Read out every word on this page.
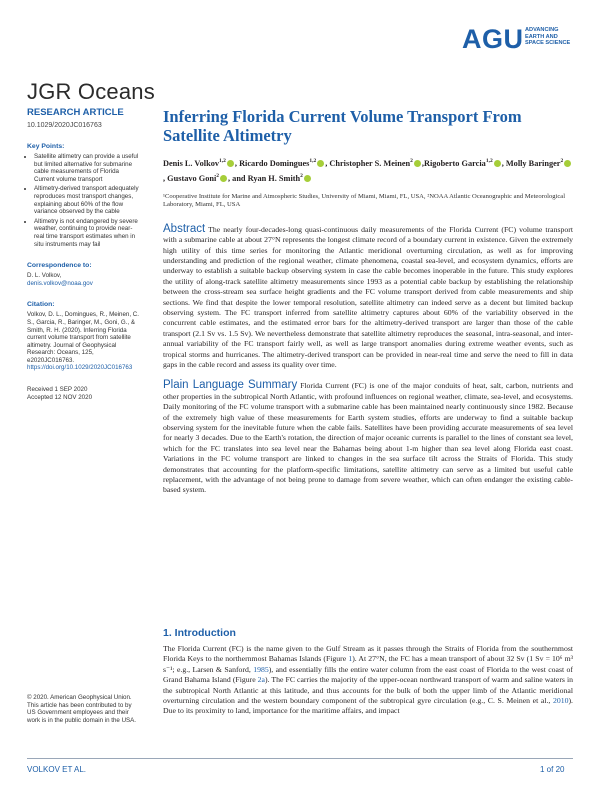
AGU ADVANCING
EARTH AND
SPACE SCIENCE
JGR Oceans
RESEARCH ARTICLE
10.1029/2020JC016763
Key Points:
• Satellite altimetry can provide a useful but limited alternative for submarine cable measurements of Florida Current volume transport
• Altimetry-derived transport adequately reproduces most transport changes, explaining about 60% of the flow variance observed by the cable
• Altimetry is not endangered by severe weather, continuing to provide near-real time transport estimates when in situ instruments may fail
Correspondence to:
D. L. Volkov,
denis.volkov@noaa.gov
Citation:
Volkov, D. L., Domingues, R., Meinen, C. S., Garcia, R., Baringer, M., Goni, G., & Smith, R. H. (2020). Inferring Florida current volume transport from satellite altimetry. Journal of Geophysical Research: Oceans, 125, e2020JC016763.
https://doi.org/10.1029/2020JC016763
Received 1 SEP 2020
Accepted 12 NOV 2020
© 2020. American Geophysical Union. This article has been contributed to by US Government employees and their work is in the public domain in the USA.
Inferring Florida Current Volume Transport From Satellite Altimetry
Denis L. Volkov$^{1,2}$ , Ricardo Domingues$^{1,2}$ , Christopher S. Meinen$^2$ ,Rigoberto Garcia$^{1,2}$ , Molly Baringer$^2$, Gustavo Goni$^2$ , and Ryan H. Smith$^2$
¹Cooperative Institute for Marine and Atmospheric Studies, University of Miami, Miami, FL, USA, ²NOAA Atlantic Oceanographic and Meteorological Laboratory, Miami, FL, USA
Abstract The nearly four-decades-long quasi-continuous daily measurements of the Florida Current (FC) volume transport with a submarine cable at about 27°N represents the longest climate record of a boundary current in existence. Given the extremely high utility of this time series for monitoring the Atlantic meridional overturning circulation, as well as for improving understanding and prediction of the regional weather, climate phenomena, coastal sea-level, and ecosystem dynamics, efforts are underway to establish a suitable backup observing system in case the cable becomes inoperable in the future. This study explores the utility of along-track satellite altimetry measurements since 1993 as a potential cable backup by establishing the relationship between the cross-stream sea surface height gradients and the FC volume transport derived from cable measurements and ship sections. We find that despite the lower temporal resolution, satellite altimetry can indeed serve as a decent but limited backup observing system. The FC transport inferred from satellite altimetry captures about 60% of the variability observed in the concurrent cable estimates, and the estimated error bars for the altimetry-derived transport are larger than those of the cable transport (2.1 Sv vs. 1.5 Sv). We nevertheless demonstrate that satellite altimetry reproduces the seasonal, intra-seasonal, and inter-annual variability of the FC transport fairly well, as well as large transport anomalies during extreme weather events, such as tropical storms and hurricanes. The altimetry-derived transport can be provided in near-real time and serve the need to fill in data gaps in the cable record and assess its quality over time.
Plain Language Summary Florida Current (FC) is one of the major conduits of heat, salt, carbon, nutrients and other properties in the subtropical North Atlantic, with profound influences on regional weather, climate, sea-level, and ecosystems. Daily monitoring of the FC volume transport with a submarine cable has been maintained nearly continuously since 1982. Because of the extremely high value of these measurements for Earth system studies, efforts are underway to find a suitable backup observing system for the inevitable future when the cable fails. Satellites have been providing accurate measurements of sea level for nearly 3 decades. Due to the Earth's rotation, the direction of major oceanic currents is parallel to the lines of constant sea level, which for the FC translates into sea level near the Bahamas being about 1-m higher than sea level along Florida east coast. Variations in the FC volume transport are linked to changes in the sea surface tilt across the Straits of Florida. This study demonstrates that accounting for the platform-specific limitations, satellite altimetry can serve as a limited but useful cable replacement, with the advantage of not being prone to damage from severe weather, which can often endanger the existing cable-based system.
1. Introduction
The Florida Current (FC) is the name given to the Gulf Stream as it passes through the Straits of Florida from the southernmost Florida Keys to the northernmost Bahamas Islands (Figure 1). At 27°N, the FC has a mean transport of about 32 Sv (1 Sv = 10⁶ m³ s⁻¹; e.g., Larsen & Sanford, 1985), and essentially fills the entire water column from the east coast of Florida to the west coast of Grand Bahama Island (Figure 2a). The FC carries the majority of the upper-ocean northward transport of warm and saline waters in the subtropical North Atlantic at this latitude, and thus accounts for the bulk of both the upper limb of the Atlantic meridional overturning circulation and the western boundary component of the subtropical gyre circulation (e.g., C. S. Meinen et al., 2010). Due to its proximity to land, importance for the maritime affairs, and impact
VOLKOV ET AL.	1 of 20
